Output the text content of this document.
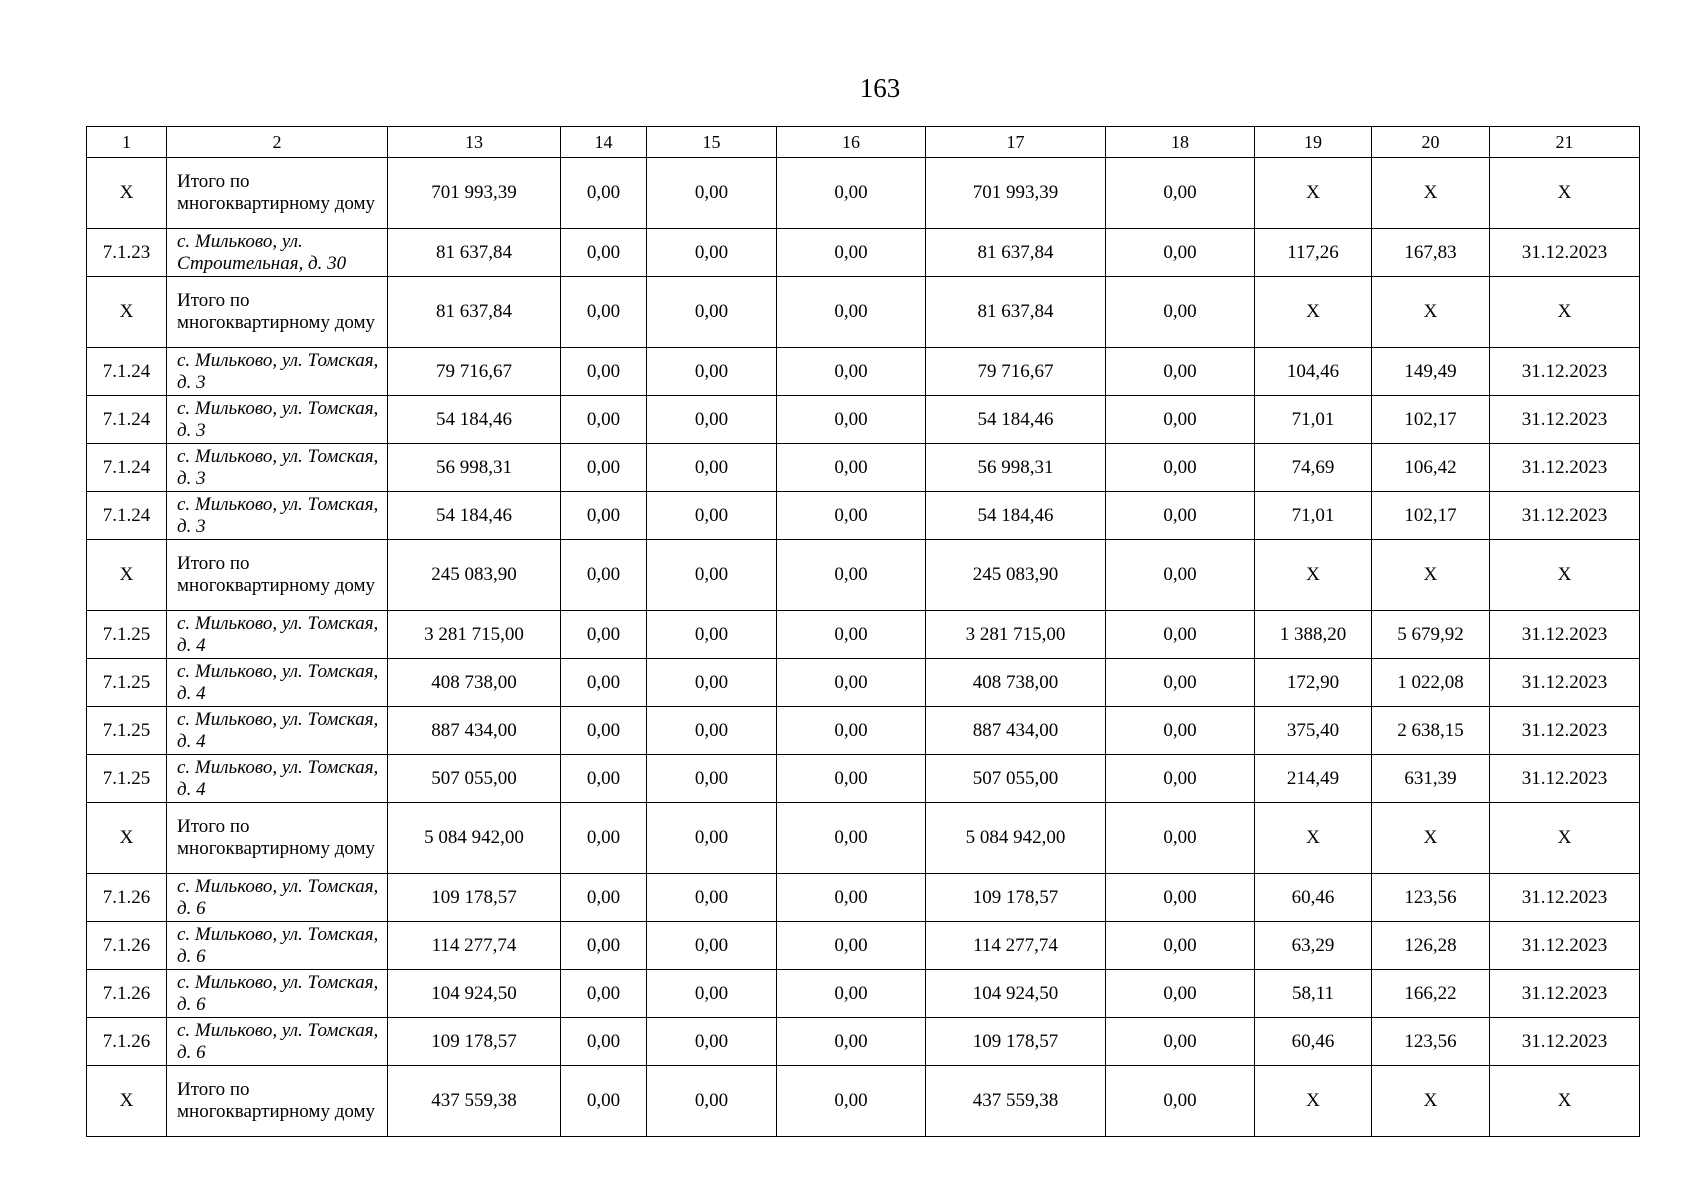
163
1	2	13	14	15	16	17	18	19	20	21
X	Итого по многоквартирному дому	701 993,39	0,00	0,00	0,00	701 993,39	0,00	X	X	X
7.1.23	с. Мильково, ул. Строительная, д. 30	81 637,84	0,00	0,00	0,00	81 637,84	0,00	117,26	167,83	31.12.2023
X	Итого по многоквартирному дому	81 637,84	0,00	0,00	0,00	81 637,84	0,00	X	X	X
7.1.24	с. Мильково, ул. Томская, д. 3	79 716,67	0,00	0,00	0,00	79 716,67	0,00	104,46	149,49	31.12.2023
7.1.24	с. Мильково, ул. Томская, д. 3	54 184,46	0,00	0,00	0,00	54 184,46	0,00	71,01	102,17	31.12.2023
7.1.24	с. Мильково, ул. Томская, д. 3	56 998,31	0,00	0,00	0,00	56 998,31	0,00	74,69	106,42	31.12.2023
7.1.24	с. Мильково, ул. Томская, д. 3	54 184,46	0,00	0,00	0,00	54 184,46	0,00	71,01	102,17	31.12.2023
X	Итого по многоквартирному дому	245 083,90	0,00	0,00	0,00	245 083,90	0,00	X	X	X
7.1.25	с. Мильково, ул. Томская, д. 4	3 281 715,00	0,00	0,00	0,00	3 281 715,00	0,00	1 388,20	5 679,92	31.12.2023
7.1.25	с. Мильково, ул. Томская, д. 4	408 738,00	0,00	0,00	0,00	408 738,00	0,00	172,90	1 022,08	31.12.2023
7.1.25	с. Мильково, ул. Томская, д. 4	887 434,00	0,00	0,00	0,00	887 434,00	0,00	375,40	2 638,15	31.12.2023
7.1.25	с. Мильково, ул. Томская, д. 4	507 055,00	0,00	0,00	0,00	507 055,00	0,00	214,49	631,39	31.12.2023
X	Итого по многоквартирному дому	5 084 942,00	0,00	0,00	0,00	5 084 942,00	0,00	X	X	X
7.1.26	с. Мильково, ул. Томская, д. 6	109 178,57	0,00	0,00	0,00	109 178,57	0,00	60,46	123,56	31.12.2023
7.1.26	с. Мильково, ул. Томская, д. 6	114 277,74	0,00	0,00	0,00	114 277,74	0,00	63,29	126,28	31.12.2023
7.1.26	с. Мильково, ул. Томская, д. 6	104 924,50	0,00	0,00	0,00	104 924,50	0,00	58,11	166,22	31.12.2023
7.1.26	с. Мильково, ул. Томская, д. 6	109 178,57	0,00	0,00	0,00	109 178,57	0,00	60,46	123,56	31.12.2023
X	Итого по многоквартирному дому	437 559,38	0,00	0,00	0,00	437 559,38	0,00	X	X	X
